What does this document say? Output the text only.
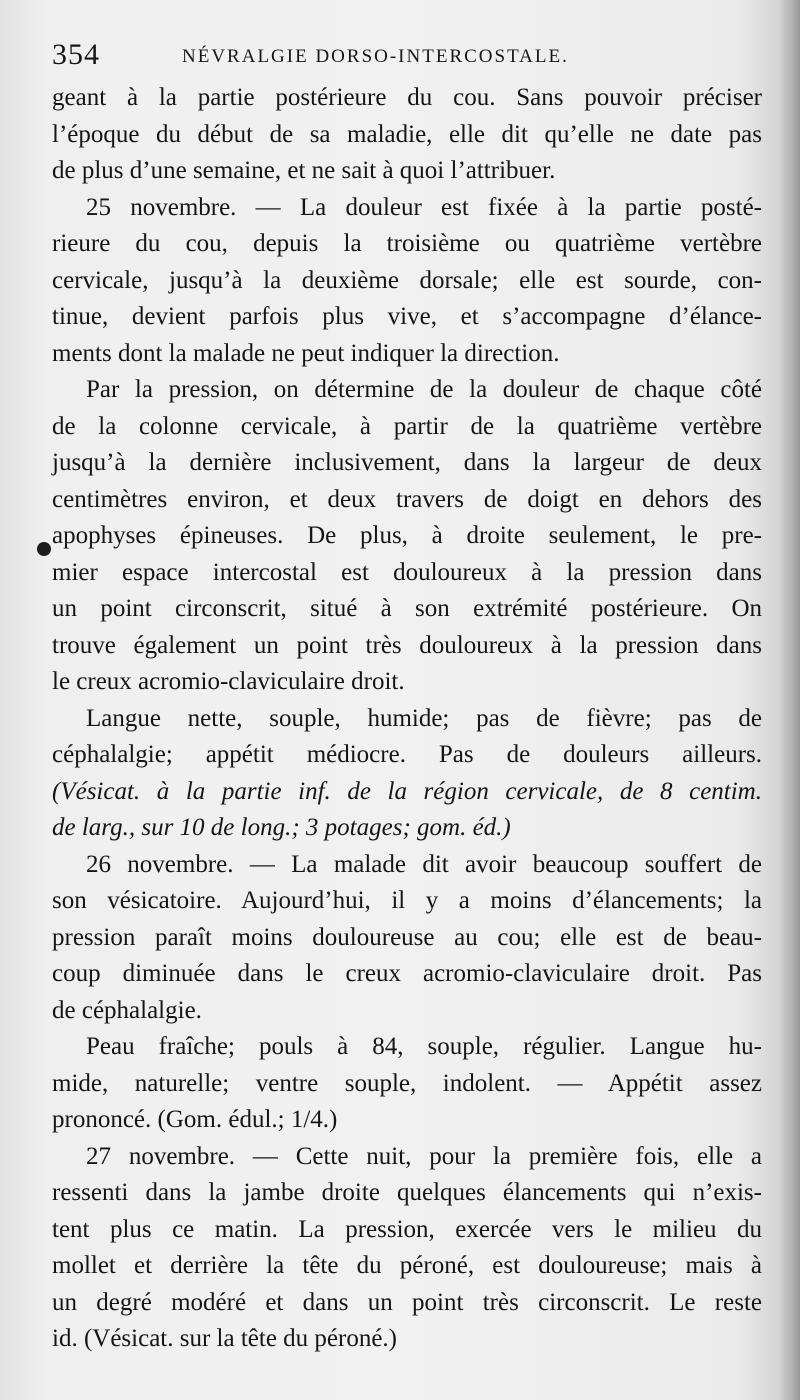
354	NÉVRALGIE DORSO-INTERCOSTALE.
geant à la partie postérieure du cou. Sans pouvoir préciser
l’époque du début de sa maladie, elle dit qu’elle ne date pas
de plus d’une semaine, et ne sait à quoi l’attribuer.
25 novembre. — La douleur est fixée à la partie posté-
rieure du cou, depuis la troisième ou quatrième vertèbre
cervicale, jusqu’à la deuxième dorsale; elle est sourde, con-
tinue, devient parfois plus vive, et s’accompagne d’élance-
ments dont la malade ne peut indiquer la direction.
Par la pression, on détermine de la douleur de chaque côté
de la colonne cervicale, à partir de la quatrième vertèbre
jusqu’à la dernière inclusivement, dans la largeur de deux
centimètres environ, et deux travers de doigt en dehors des
apophyses épineuses. De plus, à droite seulement, le pre-
mier espace intercostal est douloureux à la pression dans
un point circonscrit, situé à son extrémité postérieure. On
trouve également un point très douloureux à la pression dans
le creux acromio-claviculaire droit.
Langue nette, souple, humide; pas de fièvre; pas de
céphalalgie; appétit médiocre. Pas de douleurs ailleurs.
(Vésicat. à la partie inf. de la région cervicale, de 8 centim.
de larg., sur 10 de long.; 3 potages; gom. éd.)
26 novembre. — La malade dit avoir beaucoup souffert de
son vésicatoire. Aujourd’hui, il y a moins d’élancements; la
pression paraît moins douloureuse au cou; elle est de beau-
coup diminuée dans le creux acromio-claviculaire droit. Pas
de céphalalgie.
Peau fraîche; pouls à 84, souple, régulier. Langue hu-
mide, naturelle; ventre souple, indolent. — Appétit assez
prononcé. (Gom. édul.; 1/4.)
27 novembre. — Cette nuit, pour la première fois, elle a
ressenti dans la jambe droite quelques élancements qui n’exis-
tent plus ce matin. La pression, exercée vers le milieu du
mollet et derrière la tête du péroné, est douloureuse; mais à
un degré modéré et dans un point très circonscrit. Le reste
id. (Vésicat. sur la tête du péroné.)
